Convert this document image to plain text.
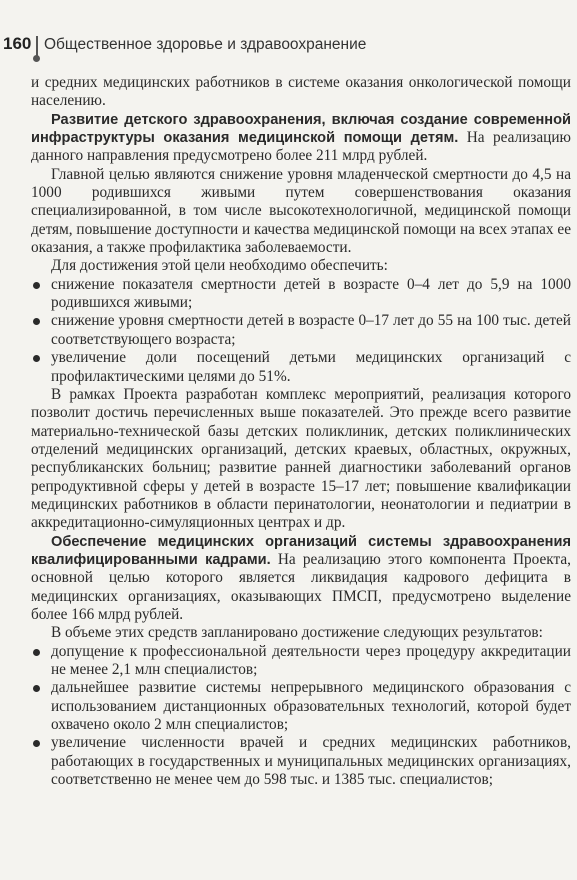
160 Общественное здоровье и здравоохранение

и средних медицинских работников в системе оказания онкологической помощи населению.

Развитие детского здравоохранения, включая создание современной инфраструктуры оказания медицинской помощи детям. На реализацию данного направления предусмотрено более 211 млрд рублей.

Главной целью являются снижение уровня младенческой смертности до 4,5 на 1000 родившихся живыми путем совершенствования оказания специализированной, в том числе высокотехнологичной, медицинской помощи детям, повышение доступности и качества медицинской помощи на всех этапах ее оказания, а также профилактика заболеваемости.

Для достижения этой цели необходимо обеспечить:

снижение показателя смертности детей в возрасте 0–4 лет до 5,9 на 1000 родившихся живыми;
снижение уровня смертности детей в возрасте 0–17 лет до 55 на 100 тыс. детей соответствующего возраста;
увеличение доли посещений детьми медицинских организаций с профилактическими целями до 51%.

В рамках Проекта разработан комплекс мероприятий, реализация которого позволит достичь перечисленных выше показателей. Это прежде всего развитие материально-технической базы детских поликлиник, детских поликлинических отделений медицинских организаций, детских краевых, областных, окружных, республиканских больниц; развитие ранней диагностики заболеваний органов репродуктивной сферы у детей в возрасте 15–17 лет; повышение квалификации медицинских работников в области перинатологии, неонатологии и педиатрии в аккредитационно-симуляционных центрах и др.

Обеспечение медицинских организаций системы здравоохранения квалифицированными кадрами. На реализацию этого компонента Проекта, основной целью которого является ликвидация кадрового дефицита в медицинских организациях, оказывающих ПМСП, предусмотрено выделение более 166 млрд рублей.

В объеме этих средств запланировано достижение следующих результатов:

допущение к профессиональной деятельности через процедуру аккредитации не менее 2,1 млн специалистов;
дальнейшее развитие системы непрерывного медицинского образования с использованием дистанционных образовательных технологий, которой будет охвачено около 2 млн специалистов;
увеличение численности врачей и средних медицинских работников, работающих в государственных и муниципальных медицинских организациях, соответственно не менее чем до 598 тыс. и 1385 тыс. специалистов;
